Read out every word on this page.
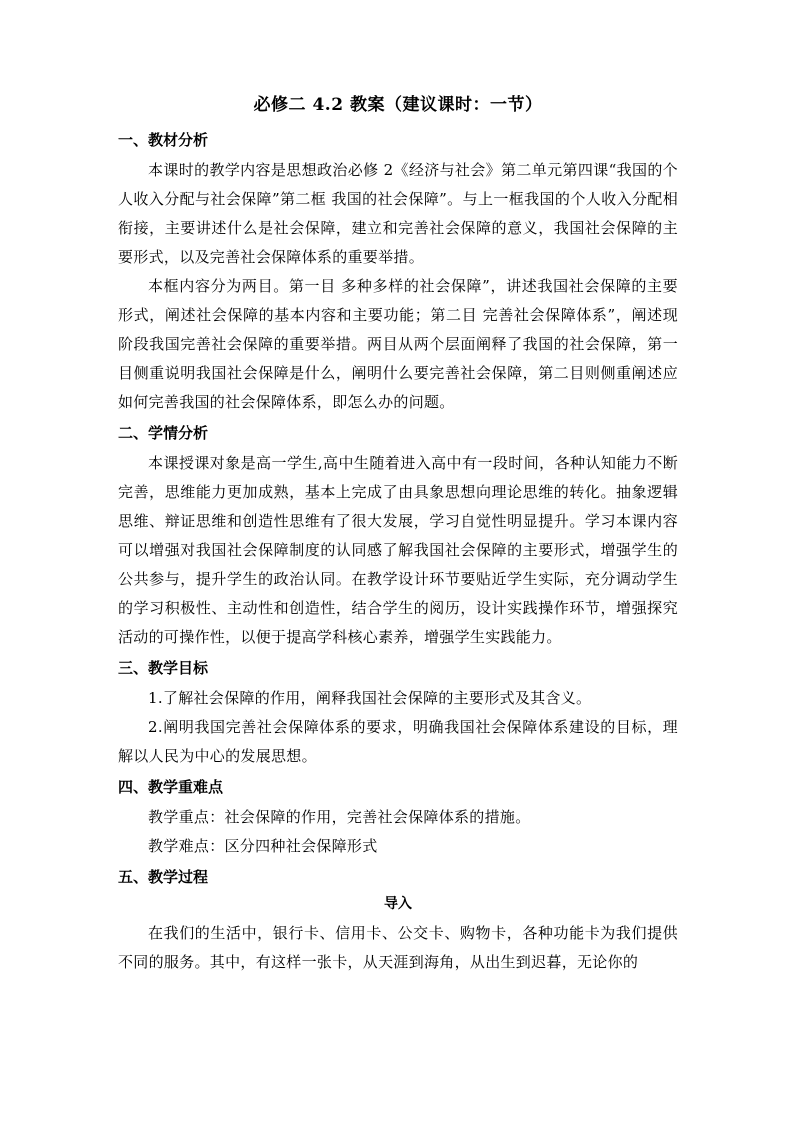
必修二 4.2 教案（建议课时：一节）
一、教材分析

本课时的教学内容是思想政治必修 2《经济与社会》第二单元第四课“我国的个人收入分配与社会保障”第二框 我国的社会保障”。与上一框我国的个人收入分配相衔接，主要讲述什么是社会保障，建立和完善社会保障的意义，我国社会保障的主要形式，以及完善社会保障体系的重要举措。

本框内容分为两目。第一目 多种多样的社会保障”，讲述我国社会保障的主要形式，阐述社会保障的基本内容和主要功能；第二目 完善社会保障体系”，阐述现阶段我国完善社会保障的重要举措。两目从两个层面阐释了我国的社会保障，第一目侧重说明我国社会保障是什么，阐明什么要完善社会保障，第二目则侧重阐述应如何完善我国的社会保障体系，即怎么办的问题。

二、学情分析

本课授课对象是高一学生,高中生随着进入高中有一段时间，各种认知能力不断完善，思维能力更加成熟，基本上完成了由具象思想向理论思维的转化。抽象逻辑思维、辩证思维和创造性思维有了很大发展，学习自觉性明显提升。学习本课内容可以增强对我国社会保障制度的认同感了解我国社会保障的主要形式，增强学生的公共参与，提升学生的政治认同。在教学设计环节要贴近学生实际，充分调动学生的学习积极性、主动性和创造性，结合学生的阅历，设计实践操作环节，增强探究活动的可操作性，以便于提高学科核心素养，增强学生实践能力。

三、教学目标

1.了解社会保障的作用，阐释我国社会保障的主要形式及其含义。

2.阐明我国完善社会保障体系的要求，明确我国社会保障体系建设的目标，理解以人民为中心的发展思想。

四、教学重难点

教学重点：社会保障的作用，完善社会保障体系的措施。

教学难点：区分四种社会保障形式

五、教学过程
导入

在我们的生活中，银行卡、信用卡、公交卡、购物卡，各种功能卡为我们提供不同的服务。其中，有这样一张卡，从天涯到海角，从出生到迟暮，无论你的
